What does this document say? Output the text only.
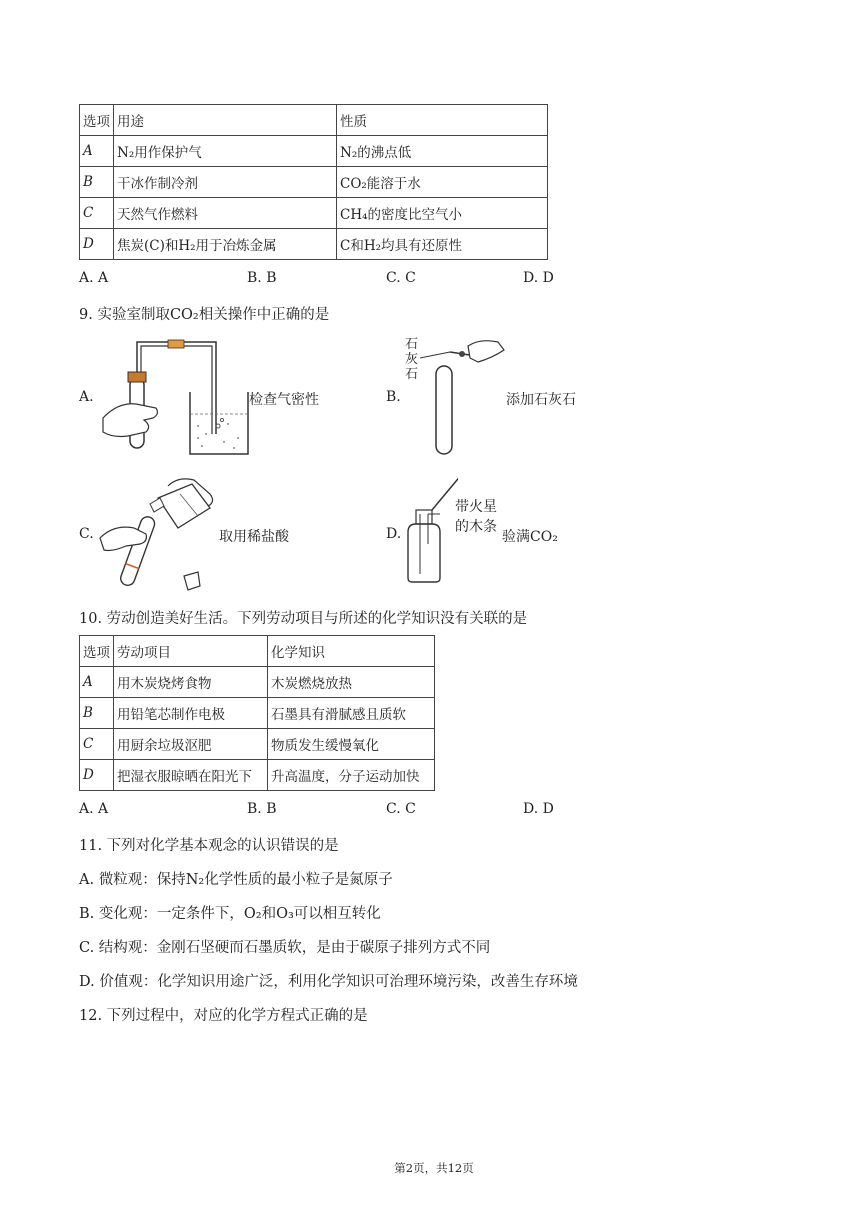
选项	用途	性质
A	N₂用作保护气	N₂的沸点低
B	干冰作制冷剂	CO₂能溶于水
C	天然气作燃料	CH₄的密度比空气小
D	焦炭(C)和H₂用于冶炼金属	C和H₂均具有还原性
A. A	B. B	C. C	D. D
9. 实验室制取CO₂相关操作中正确的是
A.	检查气密性	B.
石灰石
添加石灰石
C.	取用稀盐酸	D.
带火星
的木条
验满CO₂
10. 劳动创造美好生活。下列劳动项目与所述的化学知识没有关联的是
选项	劳动项目	化学知识
A	用木炭烧烤食物	木炭燃烧放热
B	用铅笔芯制作电极	石墨具有滑腻感且质软
C	用厨余垃圾沤肥	物质发生缓慢氧化
D	把湿衣服晾晒在阳光下	升高温度，分子运动加快
A. A	B. B	C. C	D. D
11. 下列对化学基本观念的认识错误的是
A. 微粒观：保持N₂化学性质的最小粒子是氮原子
B. 变化观：一定条件下，O₂和O₃可以相互转化
C. 结构观：金刚石坚硬而石墨质软，是由于碳原子排列方式不同
D. 价值观：化学知识用途广泛，利用化学知识可治理环境污染，改善生存环境
12. 下列过程中，对应的化学方程式正确的是
第2页，共12页
